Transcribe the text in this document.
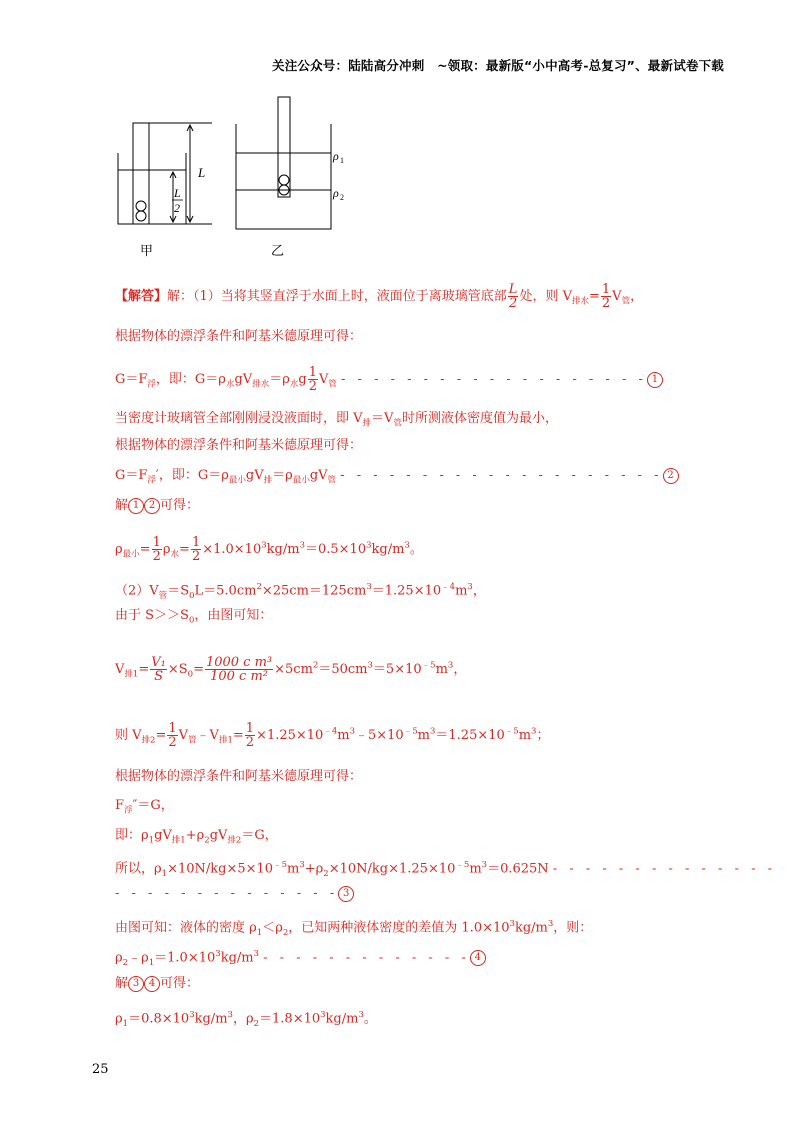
关注公众号：陆陆高分冲刺　~领取：最新版“小中高考-总复习”、最新试卷下载
L
L
2
ρ 1
ρ 2
甲	乙
【解答】解：（1）当将其竖直浮于水面上时，液面位于离玻璃管底部 $\frac{L}{2}$ 处，则 $V_{排水}= \frac{1}{2} V_管$，
根据物体的漂浮条件和阿基米德原理可得：
$G=F_浮$，即：$G=\rho_水gV_{排水}=\rho_水g \frac{1}{2} V_管$ - - - - - - - - - - - - - - - - - - - 1
当密度计玻璃管全部刚刚浸没液面时，即 $V_排=V_管$时所测液体密度值为最小，
根据物体的漂浮条件和阿基米德原理可得：
$G=F_浮'$，即：$G=\rho_{最小}gV_排=\rho_{最小}gV_管$ - - - - - - - - - - - - - - - - - - - - 2
解 1 2 可得：
$\rho_{最小}= \frac{1}{2} \rho_水= \frac{1}{2} \times 1.0\times 10^3kg/m^3=0.5\times 10^3kg/m^3$。
$(2)V_管=S_0L=5.0cm^2\times 25cm=125cm^3=1.25\times 10^{﹣4}m^3$，
由于 $S>>S_0$，由图可知：
$V_{排1}= \frac{\text{V₁}}{S} \times S_0= \frac{\text{1000 c m³}}{\text{100 c m²}} \times 5cm^2=50cm^3=5\times 10^{﹣5}m^3$，
则 $V_{排2}= \frac{1}{2}$ $V_管﹣V_{排1}= \frac{1}{2}$ $\times 1.25\times 10^{﹣4}m^3﹣5\times 10^{﹣5}m^3=1.25\times 10^{﹣5}m^3$；
根据物体的漂浮条件和阿基米德原理可得：
$F_浮''=G$，
即：$\rho_1gV_{排1}+\rho_2gV_{排2}=G$，
所以，$\rho_1\times 10N/kg\times 5\times 10^{﹣5}m^3+\rho_2\times 10N/kg\times 1.25\times 10^{﹣5}m^3=0.625N$ - - - - - - - - - - - - - -
- - - - - - - - - - - - - - 3
由图可知：液体的密度 $\rho_1<\rho_2$，已知两种液体密度的差值为 $1.0\times 10^3kg/m^3$，则：
$\rho_2﹣\rho_1=1.0\times 10^3kg/m^3$ - - - - - - - - - - - - - 4
解 3 4 可得：
$\rho_1=0.8\times 10^3kg/m^3$，$\rho_2=1.8\times 10^3kg/m^3$。
25
